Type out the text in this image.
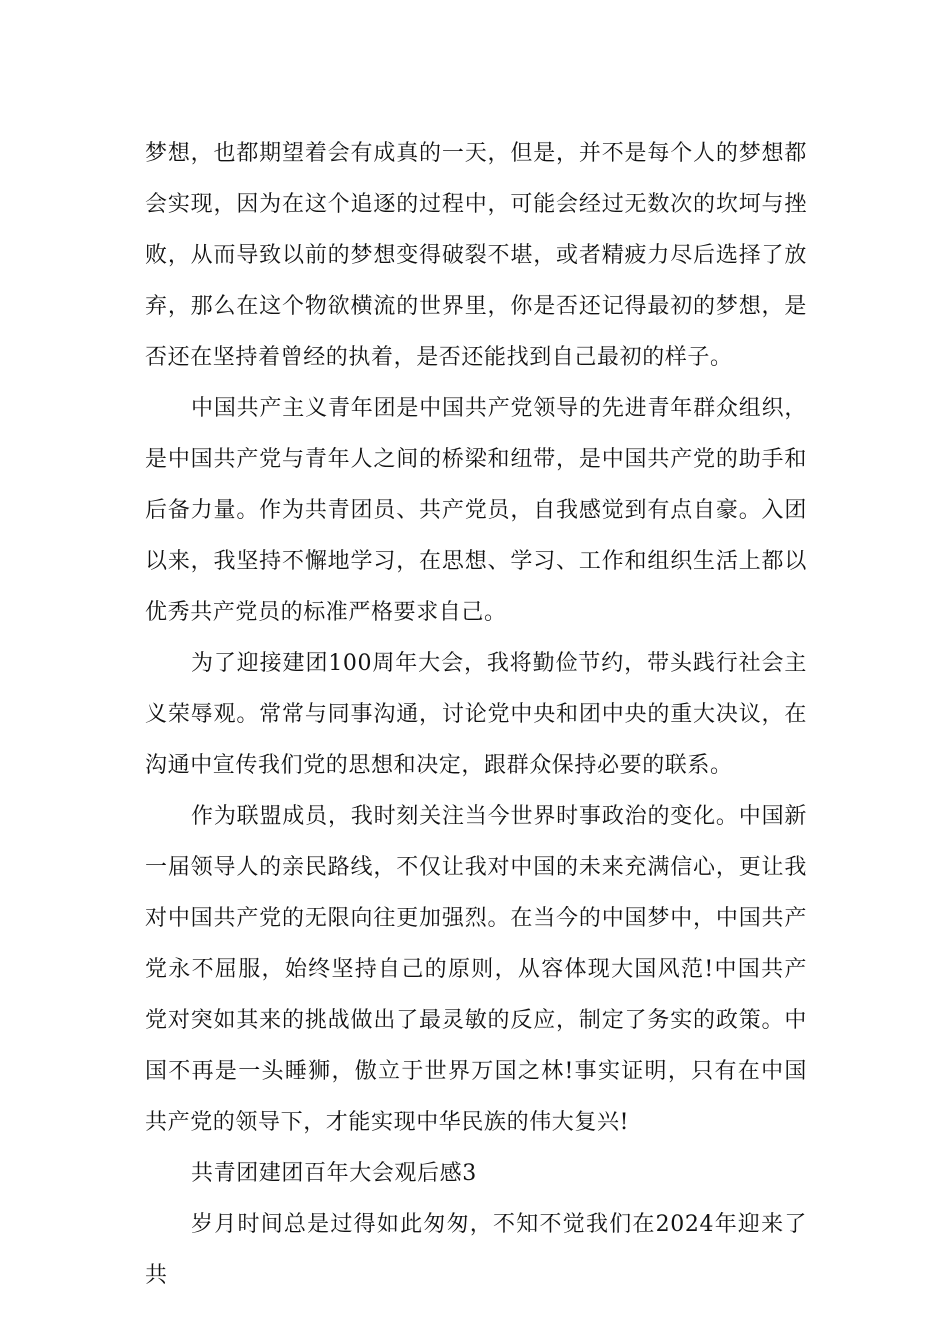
梦想，也都期望着会有成真的一天，但是，并不是每个人的梦想都会实现，因为在这个追逐的过程中，可能会经过无数次的坎坷与挫败，从而导致以前的梦想变得破裂不堪，或者精疲力尽后选择了放弃，那么在这个物欲横流的世界里，你是否还记得最初的梦想，是否还在坚持着曾经的执着，是否还能找到自己最初的样子。

中国共产主义青年团是中国共产党领导的先进青年群众组织，是中国共产党与青年人之间的桥梁和纽带，是中国共产党的助手和后备力量。作为共青团员、共产党员，自我感觉到有点自豪。入团以来，我坚持不懈地学习，在思想、学习、工作和组织生活上都以优秀共产党员的标准严格要求自己。

为了迎接建团100周年大会，我将勤俭节约，带头践行社会主义荣辱观。常常与同事沟通，讨论党中央和团中央的重大决议，在沟通中宣传我们党的思想和决定，跟群众保持必要的联系。

作为联盟成员，我时刻关注当今世界时事政治的变化。中国新一届领导人的亲民路线，不仅让我对中国的未来充满信心，更让我对中国共产党的无限向往更加强烈。在当今的中国梦中，中国共产党永不屈服，始终坚持自己的原则，从容体现大国风范!中国共产党对突如其来的挑战做出了最灵敏的反应，制定了务实的政策。中国不再是一头睡狮，傲立于世界万国之林!事实证明，只有在中国共产党的领导下，才能实现中华民族的伟大复兴!

共青团建团百年大会观后感3

岁月时间总是过得如此匆匆，不知不觉我们在2024年迎来了共
